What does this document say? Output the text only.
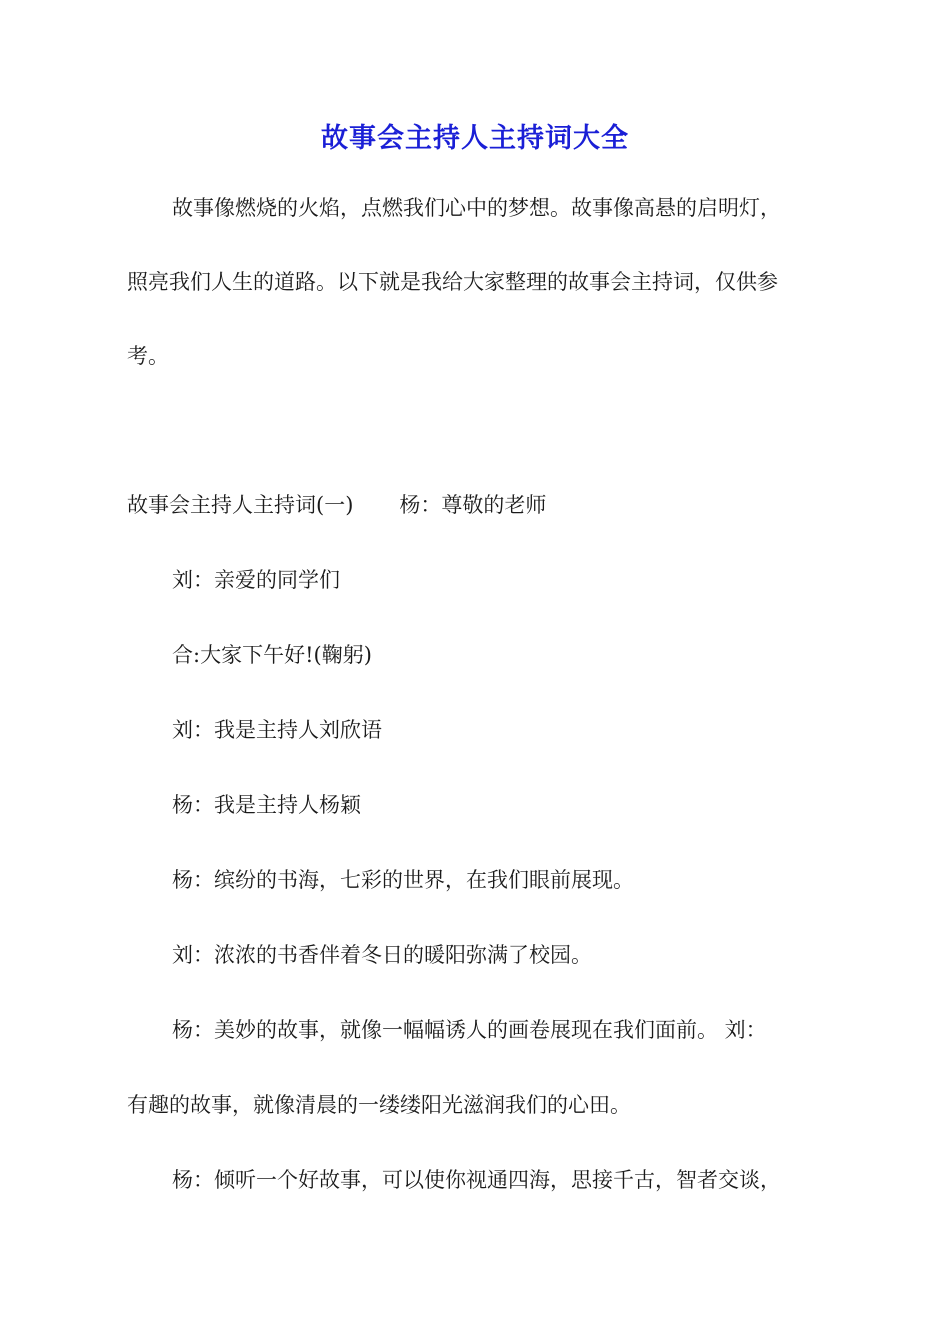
故事会主持人主持词大全
故事像燃烧的火焰，点燃我们心中的梦想。故事像高悬的启明灯，
照亮我们人生的道路。以下就是我给大家整理的故事会主持词，仅供参
考。
故事会主持人主持词(一) 杨：尊敬的老师
刘：亲爱的同学们
合:大家下午好!(鞠躬)
刘：我是主持人刘欣语
杨：我是主持人杨颖
杨：缤纷的书海，七彩的世界，在我们眼前展现。
刘：浓浓的书香伴着冬日的暖阳弥满了校园。
杨：美妙的故事，就像一幅幅诱人的画卷展现在我们面前。 刘：
有趣的故事，就像清晨的一缕缕阳光滋润我们的心田。
杨：倾听一个好故事，可以使你视通四海，思接千古，智者交谈，
